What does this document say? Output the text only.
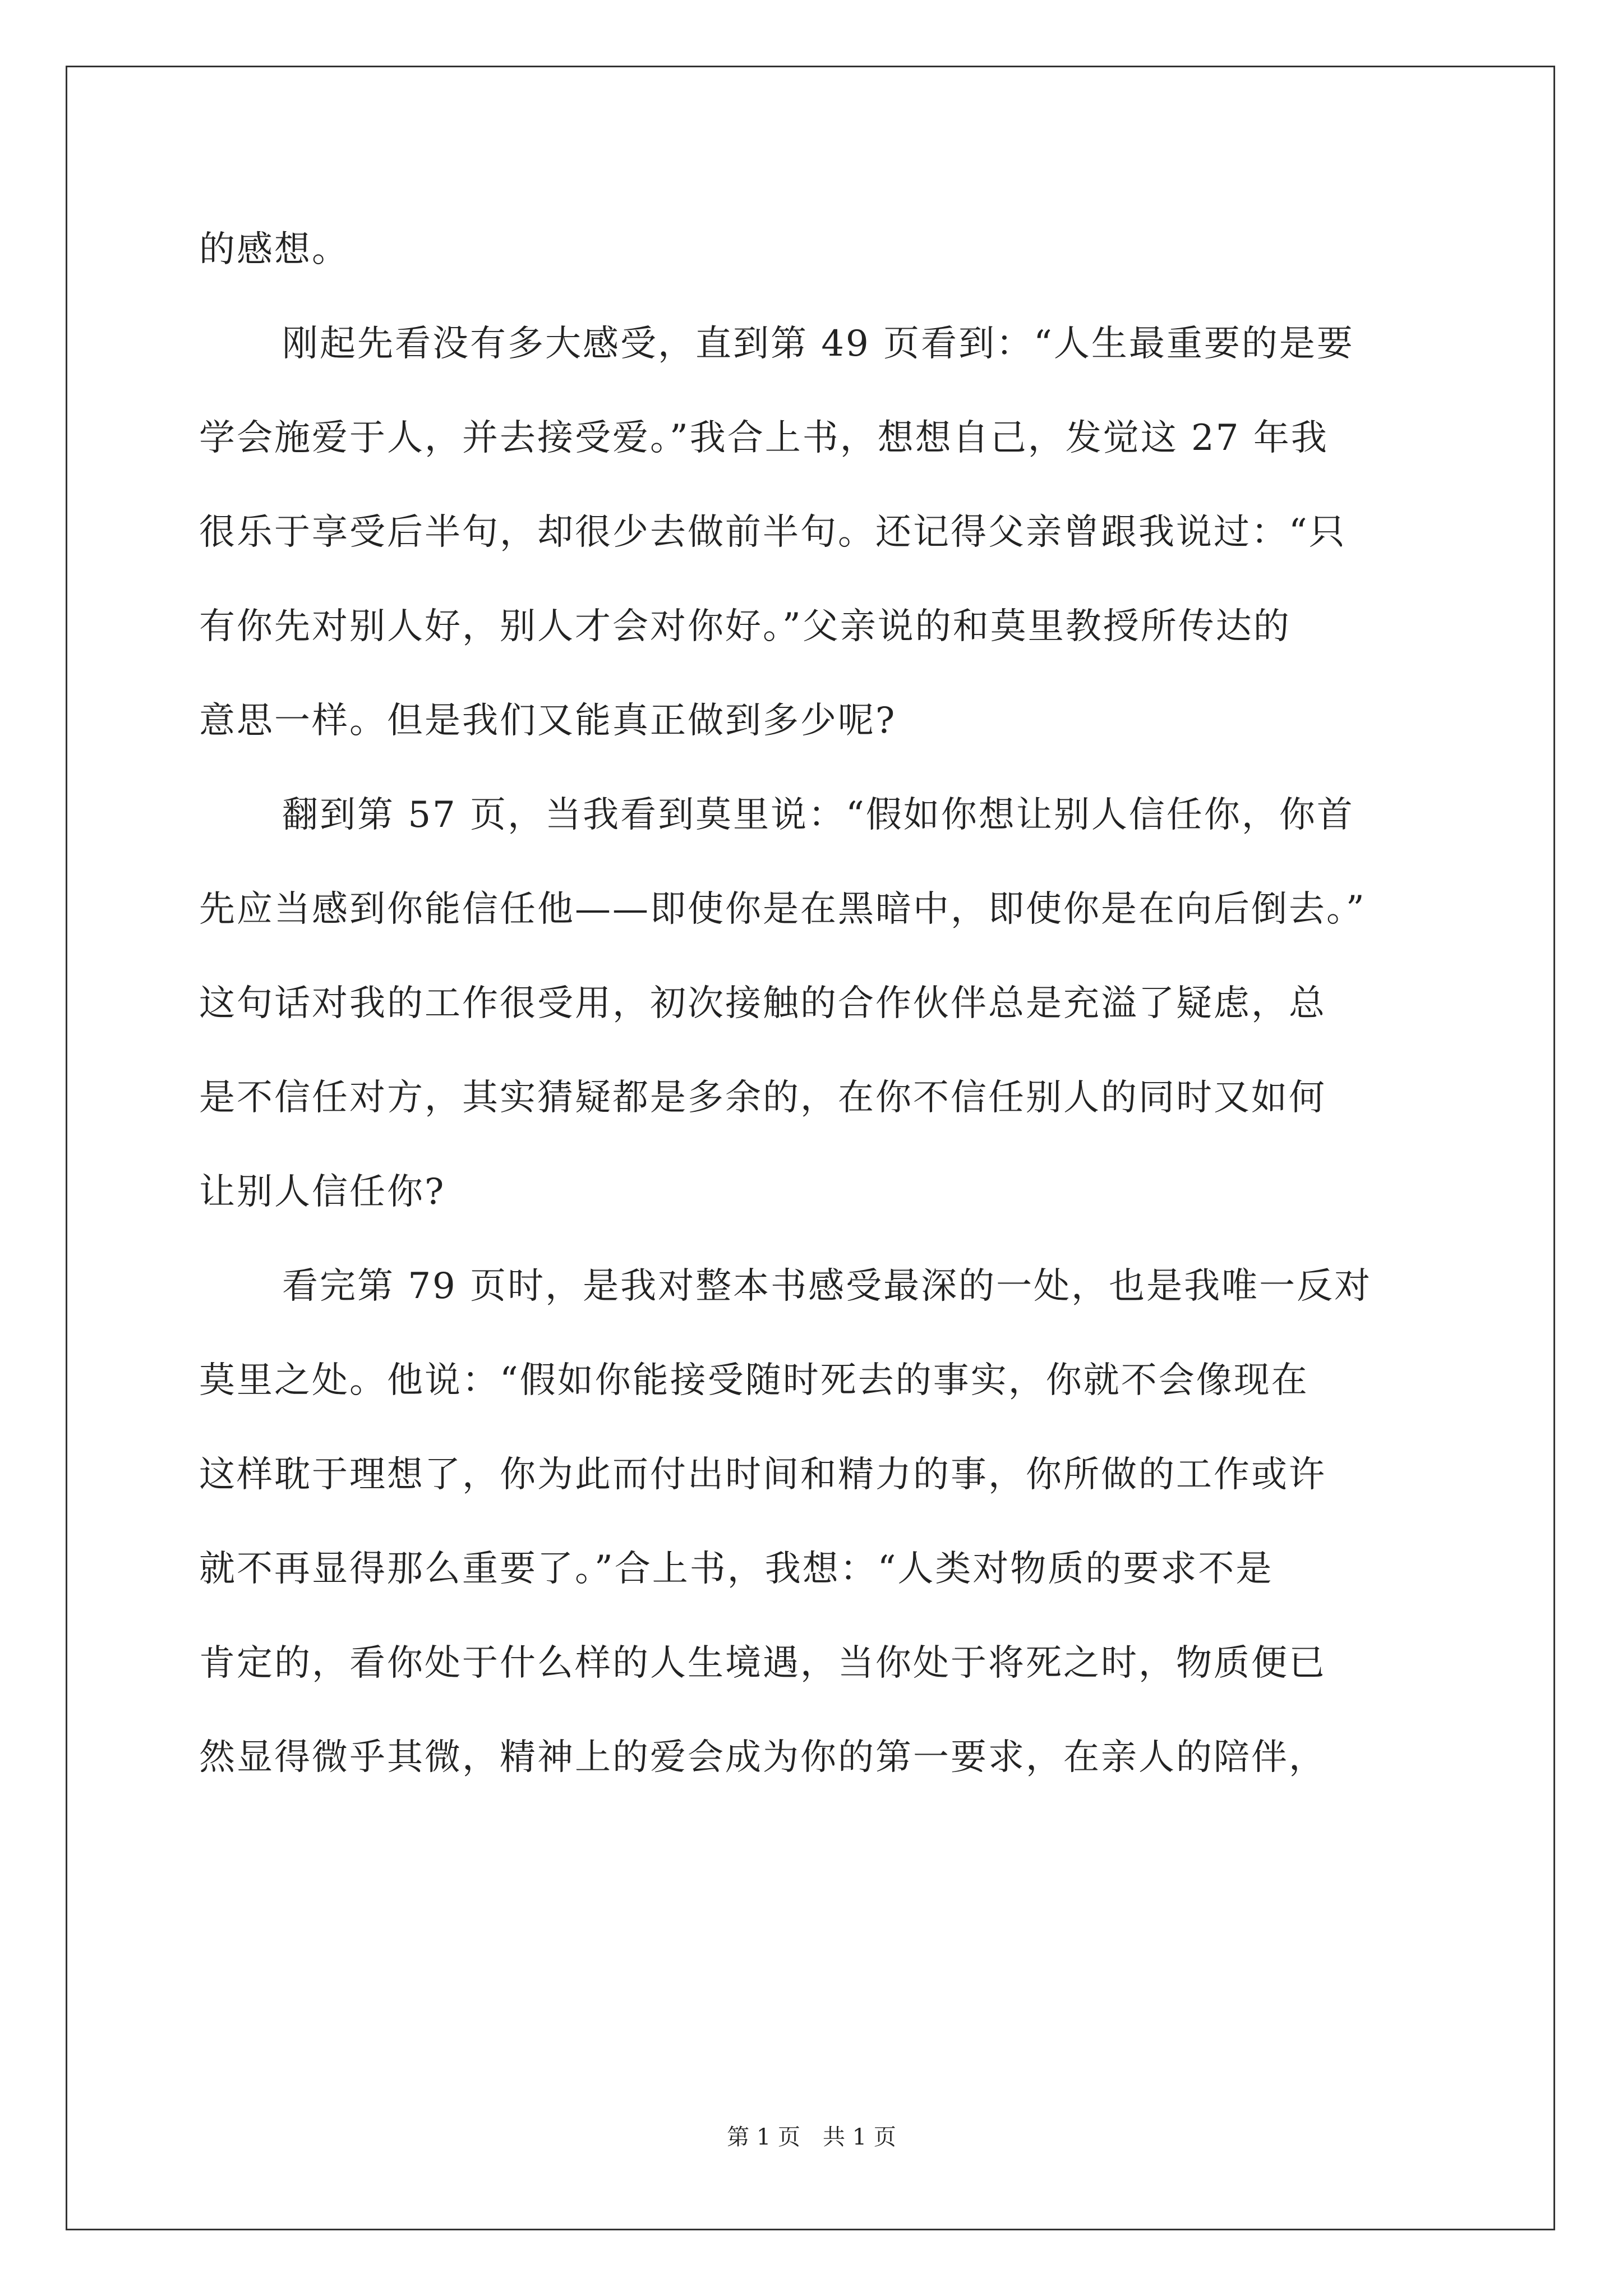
的感想。
刚起先看没有多大感受，直到第 49 页看到：“人生最重要的是要
学会施爱于人，并去接受爱。”我合上书，想想自己，发觉这 27 年我
很乐于享受后半句，却很少去做前半句。还记得父亲曾跟我说过：“只
有你先对别人好，别人才会对你好。”父亲说的和莫里教授所传达的
意思一样。但是我们又能真正做到多少呢?
翻到第 57 页，当我看到莫里说：“假如你想让别人信任你，你首
先应当感到你能信任他——即使你是在黑暗中，即使你是在向后倒去。”
这句话对我的工作很受用，初次接触的合作伙伴总是充溢了疑虑，总
是不信任对方，其实猜疑都是多余的，在你不信任别人的同时又如何
让别人信任你?
看完第 79 页时，是我对整本书感受最深的一处，也是我唯一反对
莫里之处。他说：“假如你能接受随时死去的事实，你就不会像现在
这样耽于理想了，你为此而付出时间和精力的事，你所做的工作或许
就不再显得那么重要了。”合上书，我想：“人类对物质的要求不是
肯定的，看你处于什么样的人生境遇，当你处于将死之时，物质便已
然显得微乎其微，精神上的爱会成为你的第一要求，在亲人的陪伴，
第 1 页 共 1 页
